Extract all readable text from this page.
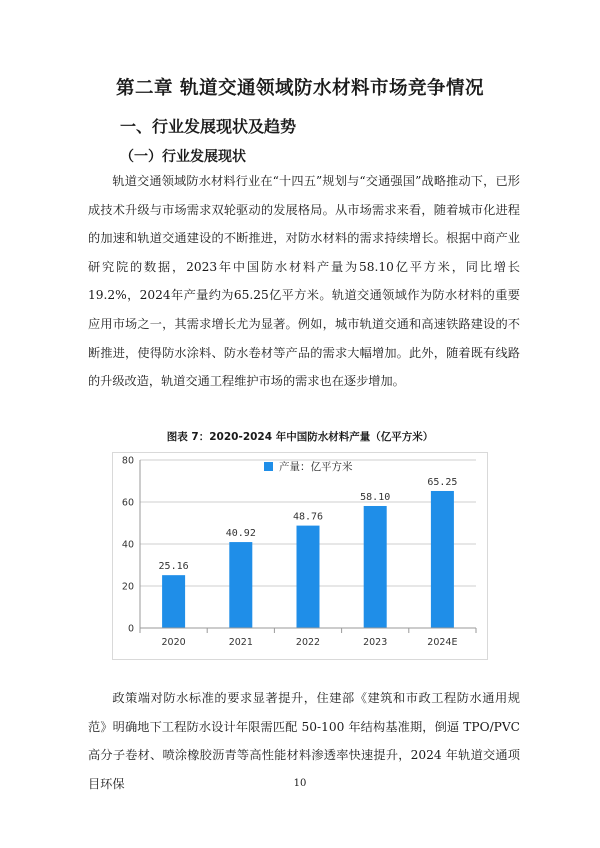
第二章 轨道交通领域防水材料市场竞争情况
一、行业发展现状及趋势
（一）行业发展现状

轨道交通领域防水材料行业在“十四五”规划与“交通强国”战略推动下，已形成技术升级与市场需求双轮驱动的发展格局。从市场需求来看，随着城市化进程的加速和轨道交通建设的不断推进，对防水材料的需求持续增长。根据中商产业研究院的数据，2023年中国防水材料产量为58.10亿平方米，同比增长19.2%，2024年产量约为65.25亿平方米。轨道交通领域作为防水材料的重要应用市场之一，其需求增长尤为显著。例如，城市轨道交通和高速铁路建设的不断推进，使得防水涂料、防水卷材等产品的需求大幅增加。此外，随着既有线路的升级改造，轨道交通工程维护市场的需求也在逐步增加。

图表 7：2020-2024 年中国防水材料产量（亿平方米）

0
20
40
60
80
25.16
2020
40.92
2021
48.76
2022
58.10
2023
65.25
2024E
产量：亿平方米

政策端对防水标准的要求显著提升，住建部《建筑和市政工程防水通用规范》明确地下工程防水设计年限需匹配 50-100 年结构基准期，倒逼 TPO/PVC 高分子卷材、喷涂橡胶沥青等高性能材料渗透率快速提升，2024 年轨道交通项目环保	10
